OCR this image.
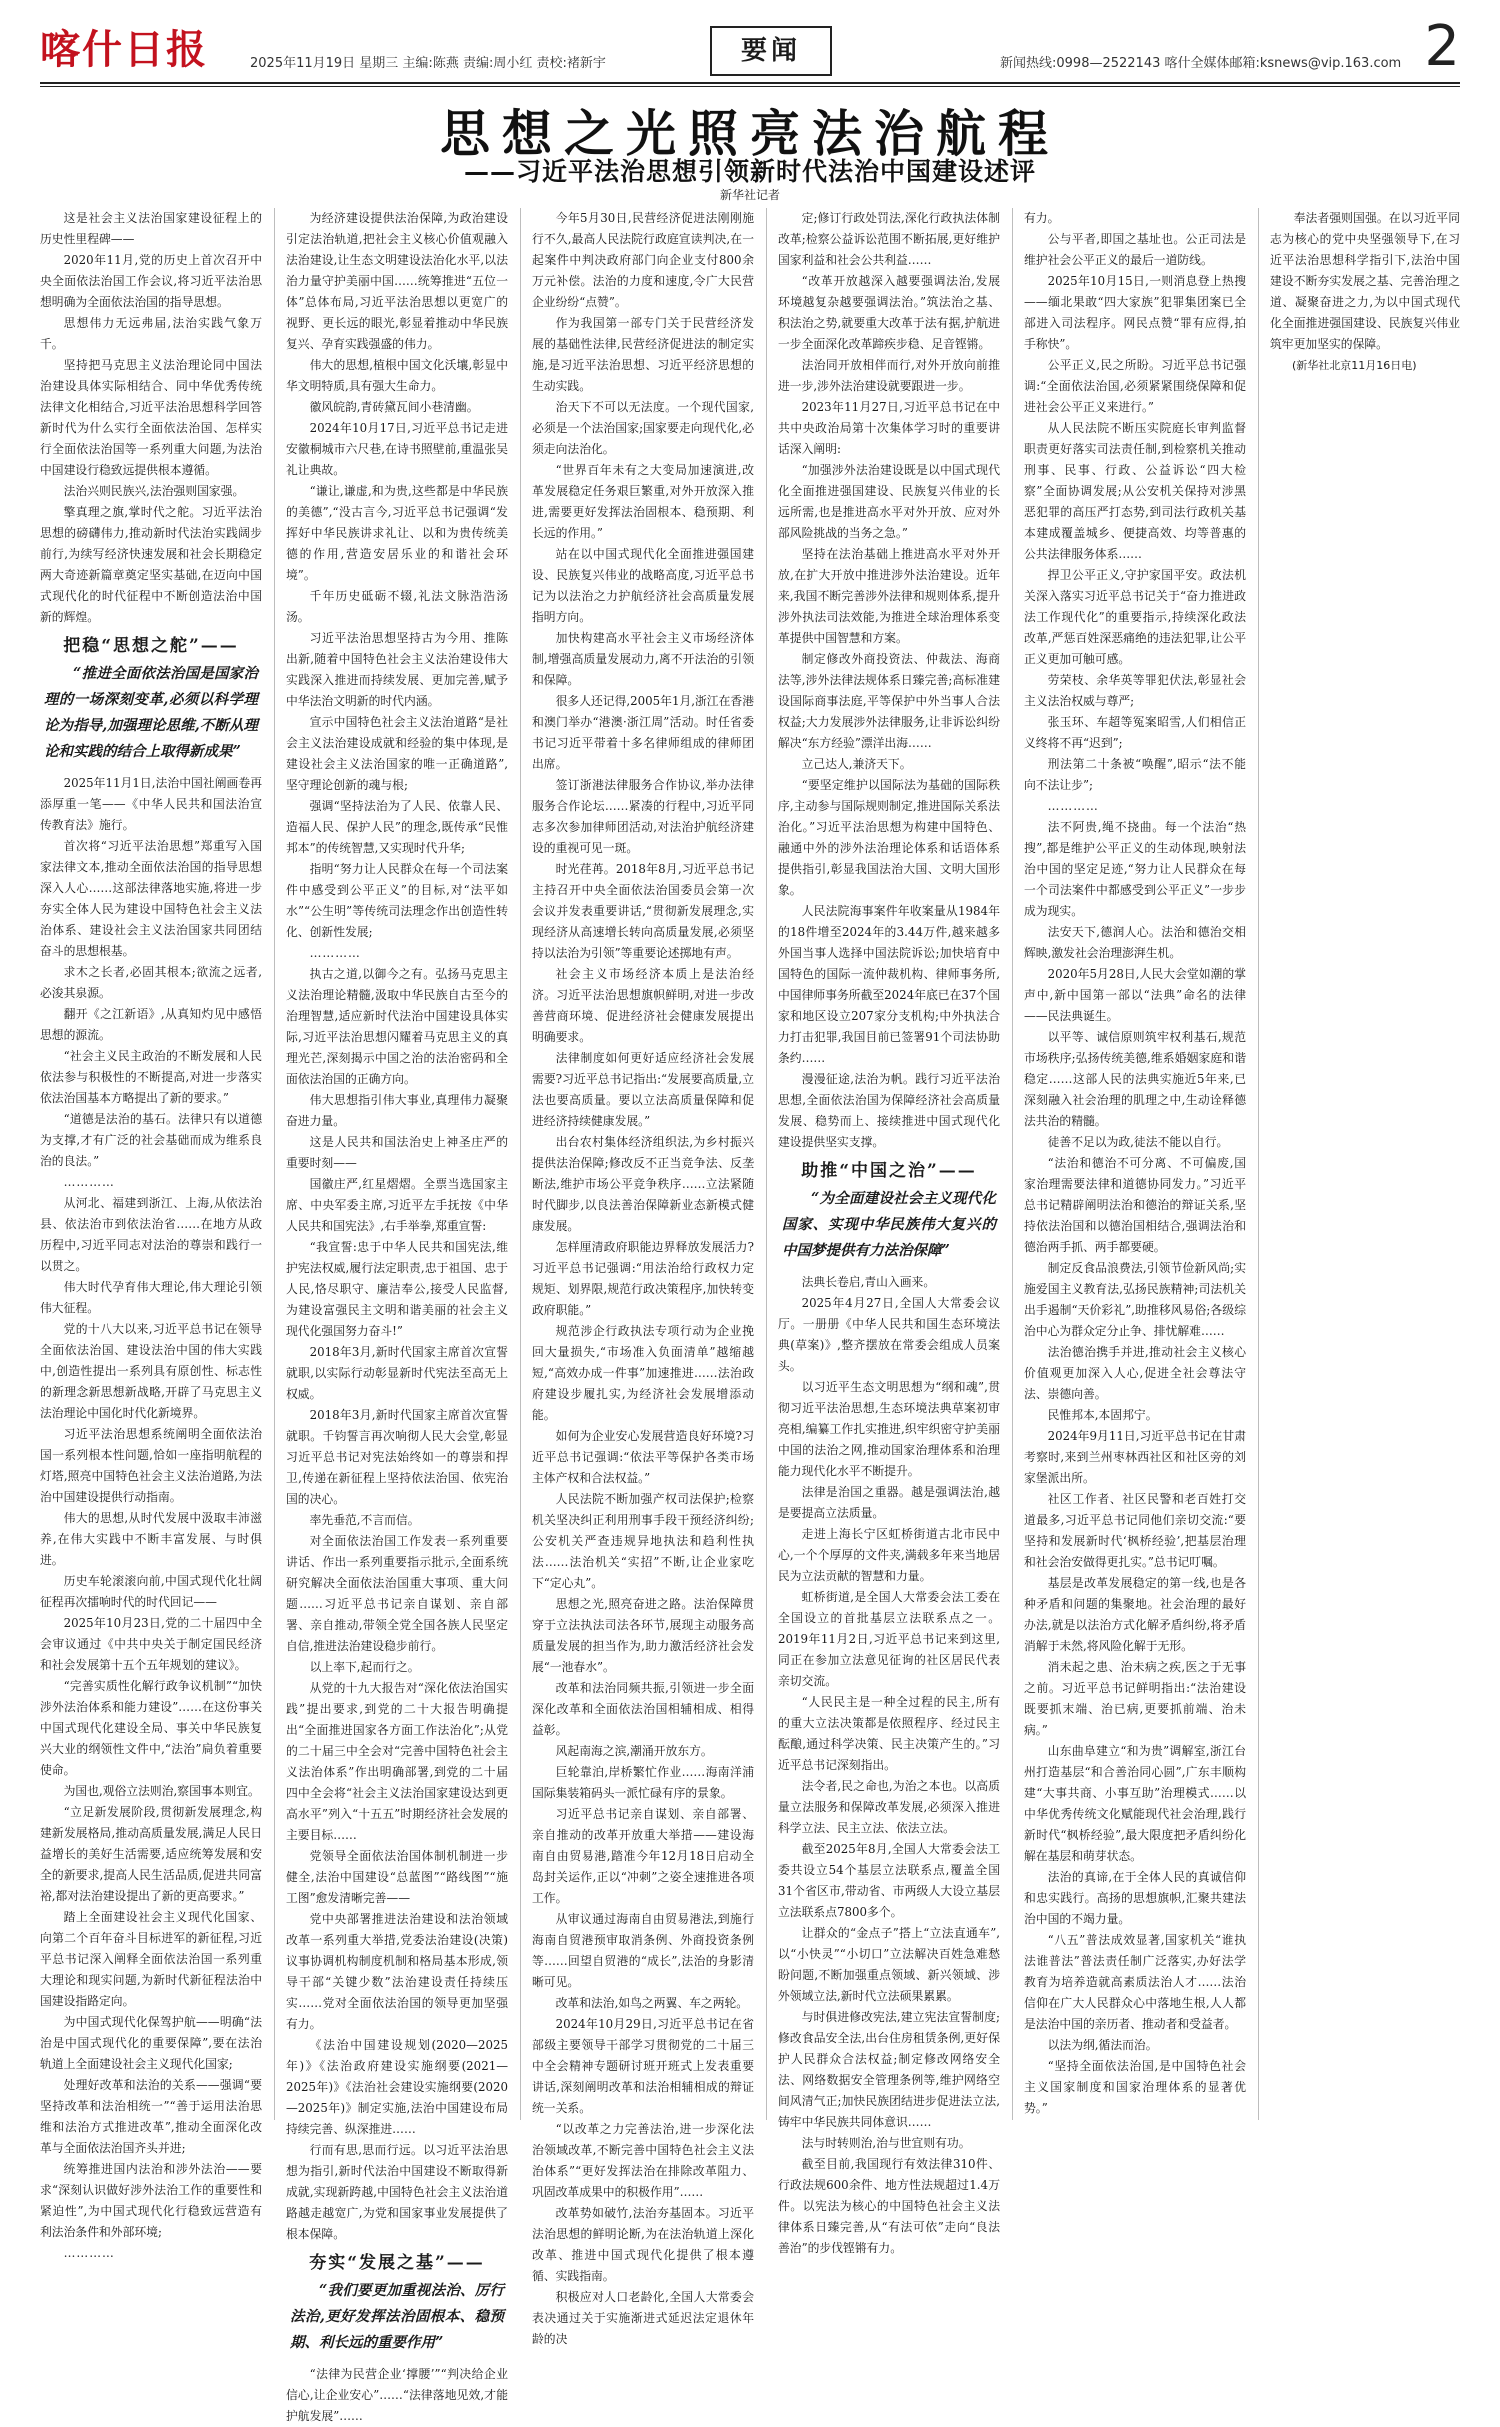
喀什日报	2025年11月19日 星期三 主编:陈燕 责编:周小红 责校:褚新宇	要闻	新闻热线:0998—2522143 喀什全媒体邮箱:ksnews@vip.163.com 2
思想之光照亮法治航程
——习近平法治思想引领新时代法治中国建设述评
新华社记者

这是社会主义法治国家建设征程上的历史性里程碑——

2020年11月,党的历史上首次召开中央全面依法治国工作会议,将习近平法治思想明确为全面依法治国的指导思想。

思想伟力无远弗届,法治实践气象万千。

坚持把马克思主义法治理论同中国法治建设具体实际相结合、同中华优秀传统法律文化相结合,习近平法治思想科学回答新时代为什么实行全面依法治国、怎样实行全面依法治国等一系列重大问题,为法治中国建设行稳致远提供根本遵循。

法治兴则民族兴,法治强则国家强。

擎真理之旗,掌时代之舵。习近平法治思想的磅礴伟力,推动新时代法治实践阔步前行,为续写经济快速发展和社会长期稳定两大奇迹新篇章奠定坚实基础,在迈向中国式现代化的时代征程中不断创造法治中国新的辉煌。

把稳“思想之舵”——
“推进全面依法治国是国家治理的一场深刻变革,必须以科学理论为指导,加强理论思维,不断从理论和实践的结合上取得新成果”

2025年11月1日,法治中国社阐画卷再添厚重一笔——《中华人民共和国法治宣传教育法》施行。

首次将“习近平法治思想”郑重写入国家法律文本,推动全面依法治国的指导思想深入人心……这部法律落地实施,将进一步夯实全体人民为建设中国特色社会主义法治体系、建设社会主义法治国家共同团结奋斗的思想根基。

求木之长者,必固其根本;欲流之远者,必浚其泉源。

翻开《之江新语》,从真知灼见中感悟思想的源流。

“社会主义民主政治的不断发展和人民依法参与积极性的不断提高,对进一步落实依法治国基本方略提出了新的要求。”

“道德是法治的基石。法律只有以道德为支撑,才有广泛的社会基础而成为维系良治的良法。”

…………

从河北、福建到浙江、上海,从依法治县、依法治市到依法治省……在地方从政历程中,习近平同志对法治的尊崇和践行一以贯之。

伟大时代孕育伟大理论,伟大理论引领伟大征程。

党的十八大以来,习近平总书记在领导全面依法治国、建设法治中国的伟大实践中,创造性提出一系列具有原创性、标志性的新理念新思想新战略,开辟了马克思主义法治理论中国化时代化新境界。

习近平法治思想系统阐明全面依法治国一系列根本性问题,恰如一座指明航程的灯塔,照亮中国特色社会主义法治道路,为法治中国建设提供行动指南。

伟大的思想,从时代发展中汲取丰沛滋养,在伟大实践中不断丰富发展、与时俱进。

历史车轮滚滚向前,中国式现代化壮阔征程再次擂响时代的时代回记——

2025年10月23日,党的二十届四中全会审议通过《中共中央关于制定国民经济和社会发展第十五个五年规划的建议》。

“完善实质性化解行政争议机制”“加快涉外法治体系和能力建设”……在这份事关中国式现代化建设全局、事关中华民族复兴大业的纲领性文件中,“法治”扃负着重要使命。

为国也,观俗立法则治,察国事本则宜。

“立足新发展阶段,贯彻新发展理念,构建新发展格局,推动高质量发展,满足人民日益增长的美好生活需要,适应统筹发展和安全的新要求,提高人民生活品质,促进共同富裕,都对法治建设提出了新的更高要求。”

踏上全面建设社会主义现代化国家、向第二个百年奋斗目标进军的新征程,习近平总书记深入阐释全面依法治国一系列重大理论和现实问题,为新时代新征程法治中国建设指路定向。

为中国式现代化保驾护航——明确“法治是中国式现代化的重要保障”,要在法治轨道上全面建设社会主义现代化国家;

处理好改革和法治的关系——强调“要坚持改革和法治相统一”“善于运用法治思维和法治方式推进改革”,推动全面深化改革与全面依法治国齐头并进;

统筹推进国内法治和涉外法治——要求“深刻认识做好涉外法治工作的重要性和紧迫性”,为中国式现代化行稳致远营造有利法治条件和外部环境;

…………

为经济建设提供法治保障,为政治建设引定法治轨道,把社会主义核心价值观融入法治建设,让生态文明建设法治化水平,以法治力量守护美丽中国……统筹推进“五位一体”总体布局,习近平法治思想以更宽广的视野、更长远的眼光,彰显着推动中华民族复兴、孕育实践强盛的伟力。

伟大的思想,植根中国文化沃壤,彰显中华文明特质,具有强大生命力。

徽风皖韵,青砖黛瓦间小巷清幽。

2024年10月17日,习近平总书记走进安徽桐城市六尺巷,在诗书照壁前,重温张吴礼让典故。

“谦让,谦虚,和为贵,这些都是中华民族的美德”,“没古言今,习近平总书记强调“发挥好中华民族讲求礼让、以和为贵传统美德的作用,营造安居乐业的和谐社会环境”。

千年历史砥砺不辍,礼法文脉浩浩汤汤。

习近平法治思想坚持古为今用、推陈出新,随着中国特色社会主义法治建设伟大实践深入推进而持续发展、更加完善,赋予中华法治文明新的时代内涵。

宣示中国特色社会主义法治道路“是社会主义法治建设成就和经验的集中体现,是建设社会主义法治国家的唯一正确道路”,坚守理论创新的魂与根;

强调“坚持法治为了人民、依靠人民、造福人民、保护人民”的理念,既传承“民惟邦本”的传统智慧,又实现时代升华;

指明“努力让人民群众在每一个司法案件中感受到公平正义”的目标,对“法平如水”“公生明”等传统司法理念作出创造性转化、创新性发展;

…………

执古之道,以御今之有。弘扬马克思主义法治理论精髓,汲取中华民族自古至今的治理智慧,适应新时代法治中国建设具体实际,习近平法治思想闪耀着马克思主义的真理光芒,深刻揭示中国之治的法治密码和全面依法治国的正确方向。

伟大思想指引伟大事业,真理伟力凝聚奋进力量。

这是人民共和国法治史上神圣庄严的重要时刻——

国徽庄严,红星熠熠。全票当选国家主席、中央军委主席,习近平左手抚按《中华人民共和国宪法》,右手举拳,郑重宣誓:

“我宣誓:忠于中华人民共和国宪法,维护宪法权威,履行法定职责,忠于祖国、忠于人民,恪尽职守、廉洁奉公,接受人民监督,为建设富强民主文明和谐美丽的社会主义现代化强国努力奋斗!”

2018年3月,新时代国家主席首次宣誓就职,以实际行动彰显新时代宪法至高无上权威。

2018年3月,新时代国家主席首次宣誓就职。千钧誓言再次响彻人民大会堂,彰显习近平总书记对宪法始终如一的尊崇和捍卫,传递在新征程上坚持依法治国、依宪治国的决心。

率先垂范,不言而信。

对全面依法治国工作发表一系列重要讲话、作出一系列重要指示批示,全面系统研究解决全面依法治国重大事项、重大问题……习近平总书记亲自谋划、亲自部署、亲自推动,带领全党全国各族人民坚定自信,推进法治建设稳步前行。

以上率下,起而行之。

从党的十九大报告对“深化依法治国实践”提出要求,到党的二十大报告明确提出“全面推进国家各方面工作法治化”;从党的二十届三中全会对“完善中国特色社会主义法治体系”作出明确部署,到党的二十届四中全会将“社会主义法治国家建设达到更高水平”列入“十五五”时期经济社会发展的主要目标……

党领导全面依法治国体制机制进一步健全,法治中国建设“总蓝图”“路线图”“施工图”愈发清晰完善——

党中央部署推进法治建设和法治领域改革一系列重大举措,党委法治建设(决策)议事协调机构制度机制和格局基本形成,领导干部“关键少数”法治建设责任持续压实……党对全面依法治国的领导更加坚强有力。

《法治中国建设规划(2020—2025年)》《法治政府建设实施纲要(2021—2025年)》《法治社会建设实施纲要(2020—2025年)》制定实施,法治中国建设布局持续完善、纵深推进……

行而有思,思而行远。以习近平法治思想为指引,新时代法治中国建设不断取得新成就,实现新跨越,中国特色社会主义法治道路越走越宽广,为党和国家事业发展提供了根本保障。

夯实“发展之基”——
“我们要更加重视法治、厉行法治,更好发挥法治固根本、稳预期、利长远的重要作用”

“法律为民营企业‘撑腰’”“判决给企业信心,让企业安心”……“法律落地见效,才能护航发展”……

今年5月30日,民营经济促进法刚刚施行不久,最高人民法院行政庭宣读判决,在一起案件中判决政府部门向企业支付800余万元补偿。法治的力度和速度,令广大民营企业纷纷“点赞”。

作为我国第一部专门关于民营经济发展的基础性法律,民营经济促进法的制定实施,是习近平法治思想、习近平经济思想的生动实践。

治天下不可以无法度。一个现代国家,必须是一个法治国家;国家要走向现代化,必须走向法治化。

“世界百年未有之大变局加速演进,改革发展稳定任务艰巨繁重,对外开放深入推进,需要更好发挥法治固根本、稳预期、利长远的作用。”

站在以中国式现代化全面推进强国建设、民族复兴伟业的战略高度,习近平总书记为以法治之力护航经济社会高质量发展指明方向。

加快构建高水平社会主义市场经济体制,增强高质量发展动力,离不开法治的引领和保障。

很多人还记得,2005年1月,浙江在香港和澳门举办“港澳·浙江周”活动。时任省委书记习近平带着十多名律师组成的律师团出席。

签订浙港法律服务合作协议,举办法律服务合作论坛……紧凑的行程中,习近平同志多次参加律师团活动,对法治护航经济建设的重视可见一斑。

时光荏苒。2018年8月,习近平总书记主持召开中央全面依法治国委员会第一次会议并发表重要讲话,“贯彻新发展理念,实现经济从高速增长转向高质量发展,必须坚持以法治为引领”等重要论述掷地有声。

社会主义市场经济本质上是法治经济。习近平法治思想旗帜鲜明,对进一步改善营商环境、促进经济社会健康发展提出明确要求。

法律制度如何更好适应经济社会发展需要?习近平总书记指出:“发展要高质量,立法也要高质量。要以立法高质量保障和促进经济持续健康发展。”

出台农村集体经济组织法,为乡村振兴提供法治保障;修改反不正当竞争法、反垄断法,维护市场公平竞争秩序……立法紧随时代脚步,以良法善治保障新业态新模式健康发展。

怎样厘清政府职能边界释放发展活力?习近平总书记强调:“用法治给行政权力定规矩、划界限,规范行政决策程序,加快转变政府职能。”

规范涉企行政执法专项行动为企业挽回大量损失,“市场准入负面清单”越缩越短,“高效办成一件事”加速推进……法治政府建设步履扎实,为经济社会发展增添动能。

如何为企业安心发展营造良好环境?习近平总书记强调:“依法平等保护各类市场主体产权和合法权益。”

人民法院不断加强产权司法保护;检察机关坚决纠正利用刑事手段干预经济纠纷;公安机关严查违规异地执法和趋利性执法……法治机关“实招”不断,让企业家吃下“定心丸”。

思想之光,照亮奋进之路。法治保障贯穿于立法执法司法各环节,展现主动服务高质量发展的担当作为,助力激活经济社会发展“一池春水”。

改革和法治同频共振,引领进一步全面深化改革和全面依法治国相辅相成、相得益彰。

风起南海之滨,潮涌开放东方。

巨轮靠泊,岸桥繁忙作业……海南洋浦国际集装箱码头一派忙碌有序的景象。

习近平总书记亲自谋划、亲自部署、亲自推动的改革开放重大举措——建设海南自由贸易港,踏准今年12月18日启动全岛封关运作,正以“冲刺”之姿全速推进各项工作。

从审议通过海南自由贸易港法,到施行海南自贸港预审取消条例、外商投资条例等……回望自贸港的“成长”,法治的身影清晰可见。

改革和法治,如鸟之两翼、车之两轮。

2024年10月29日,习近平总书记在省部级主要领导干部学习贯彻党的二十届三中全会精神专题研讨班开班式上发表重要讲话,深刻阐明改革和法治相辅相成的辩证统一关系。

“以改革之力完善法治,进一步深化法治领域改革,不断完善中国特色社会主义法治体系”“更好发挥法治在排除改革阻力、巩固改革成果中的积极作用”……

改革势如破竹,法治夯基固本。习近平法治思想的鲜明论断,为在法治轨道上深化改革、推进中国式现代化提供了根本遵循、实践指南。

积极应对人口老龄化,全国人大常委会表决通过关于实施渐进式延迟法定退休年龄的决

定;修订行政处罚法,深化行政执法体制改革;检察公益诉讼范围不断拓展,更好维护国家利益和社会公共利益……

“改革开放越深入越要强调法治,发展环境越复杂越要强调法治。”筑法治之基、积法治之势,就要重大改革于法有据,护航进一步全面深化改革蹄疾步稳、足音铿锵。

法治同开放相伴而行,对外开放向前推进一步,涉外法治建设就要跟进一步。

2023年11月27日,习近平总书记在中共中央政治局第十次集体学习时的重要讲话深入阐明:

“加强涉外法治建设既是以中国式现代化全面推进强国建设、民族复兴伟业的长远所需,也是推进高水平对外开放、应对外部风险挑战的当务之急。”

坚持在法治基础上推进高水平对外开放,在扩大开放中推进涉外法治建设。近年来,我国不断完善涉外法律和规则体系,提升涉外执法司法效能,为推进全球治理体系变革提供中国智慧和方案。

制定修改外商投资法、仲裁法、海商法等,涉外法律法规体系日臻完善;高标准建设国际商事法庭,平等保护中外当事人合法权益;大力发展涉外法律服务,让非诉讼纠纷解决“东方经验”漂洋出海……

立己达人,兼济天下。

“要坚定维护以国际法为基础的国际秩序,主动参与国际规则制定,推进国际关系法治化。”习近平法治思想为构建中国特色、融通中外的涉外法治理论体系和话语体系提供指引,彰显我国法治大国、文明大国形象。

人民法院海事案件年收案量从1984年的18件增至2024年的3.44万件,越来越多外国当事人选择中国法院诉讼;加快培育中国特色的国际一流仲裁机构、律师事务所,中国律师事务所截至2024年底已在37个国家和地区设立207家分支机构;中外执法合力打击犯罪,我国目前已签署91个司法协助条约……

漫漫征途,法治为帆。践行习近平法治思想,全面依法治国为保障经济社会高质量发展、稳势而上、接续推进中国式现代化建设提供坚实支撑。

助推“中国之治”——
“为全面建设社会主义现代化国家、实现中华民族伟大复兴的中国梦提供有力法治保障”

法典长卷启,青山入画来。

2025年4月27日,全国人大常委会议厅。一册册《中华人民共和国生态环境法典(草案)》,整齐摆放在常委会组成人员案头。

以习近平生态文明思想为“纲和魂”,贯彻习近平法治思想,生态环境法典草案初审亮相,编纂工作扎实推进,织牢织密守护美丽中国的法治之网,推动国家治理体系和治理能力现代化水平不断提升。

法律是治国之重器。越是强调法治,越是要提高立法质量。

走进上海长宁区虹桥街道古北市民中心,一个个厚厚的文件夹,满载多年来当地居民为立法贡献的智慧和力量。

虹桥街道,是全国人大常委会法工委在全国设立的首批基层立法联系点之一。2019年11月2日,习近平总书记来到这里,同正在参加立法意见征询的社区居民代表亲切交流。

“人民民主是一种全过程的民主,所有的重大立法决策都是依照程序、经过民主酝酿,通过科学决策、民主决策产生的。”习近平总书记深刻指出。

法令者,民之命也,为治之本也。以高质量立法服务和保障改革发展,必须深入推进科学立法、民主立法、依法立法。

截至2025年8月,全国人大常委会法工委共设立54个基层立法联系点,覆盖全国31个省区市,带动省、市两级人大设立基层立法联系点7800多个。

让群众的“金点子”搭上“立法直通车”,以“小快灵”“小切口”立法解决百姓急难愁盼问题,不断加强重点领域、新兴领域、涉外领域立法,新时代立法硕果累累。

与时俱进修改宪法,建立宪法宣誓制度;修改食品安全法,出台住房租赁条例,更好保护人民群众合法权益;制定修改网络安全法、网络数据安全管理条例等,维护网络空间风清气正;加快民族团结进步促进法立法,铸牢中华民族共同体意识……

法与时转则治,治与世宜则有功。

截至目前,我国现行有效法律310件、行政法规600余件、地方性法规超过1.4万件。以宪法为核心的中国特色社会主义法律体系日臻完善,从“有法可依”走向“良法善治”的步伐铿锵有力。

有力。

公与平者,即国之基址也。公正司法是维护社会公平正义的最后一道防线。

2025年10月15日,一则消息登上热搜——缅北果敢“四大家族”犯罪集团案已全部进入司法程序。网民点赞“罪有应得,拍手称快”。

公平正义,民之所盼。习近平总书记强调:“全面依法治国,必须紧紧围绕保障和促进社会公平正义来进行。”

从人民法院不断压实院庭长审判监督职责更好落实司法责任制,到检察机关推动刑事、民事、行政、公益诉讼“四大检察”全面协调发展;从公安机关保持对涉黑恶犯罪的高压严打态势,到司法行政机关基本建成覆盖城乡、便捷高效、均等普惠的公共法律服务体系……

捍卫公平正义,守护家国平安。政法机关深入落实习近平总书记关于“奋力推进政法工作现代化”的重要指示,持续深化政法改革,严惩百姓深恶痛绝的违法犯罪,让公平正义更加可触可感。

劳荣枝、余华英等罪犯伏法,彰显社会主义法治权威与尊严;

张玉环、车超等冤案昭雪,人们相信正义终将不再“迟到”;

刑法第二十条被“唤醒”,昭示“法不能向不法让步”;

…………

法不阿贵,绳不挠曲。每一个法治“热搜”,都是维护公平正义的生动体现,映射法治中国的坚定足迹,“努力让人民群众在每一个司法案件中都感受到公平正义”一步步成为现实。

法安天下,德润人心。法治和德治交相辉映,激发社会治理澎湃生机。

2020年5月28日,人民大会堂如潮的掌声中,新中国第一部以“法典”命名的法律——民法典诞生。

以平等、诚信原则筑牢权利基石,规范市场秩序;弘扬传统美德,维系婚姻家庭和谐稳定……这部人民的法典实施近5年来,已深刻融入社会治理的肌理之中,生动诠释德法共治的精髓。

徒善不足以为政,徒法不能以自行。

“法治和德治不可分离、不可偏废,国家治理需要法律和道德协同发力。”习近平总书记精辟阐明法治和德治的辩证关系,坚持依法治国和以德治国相结合,强调法治和德治两手抓、两手都要硬。

制定反食品浪费法,引领节俭新风尚;实施爱国主义教育法,弘扬民族精神;司法机关出手遏制“天价彩礼”,助推移风易俗;各级综治中心为群众定分止争、排忧解难……

法治德治携手并进,推动社会主义核心价值观更加深入人心,促进全社会尊法守法、崇德向善。

民惟邦本,本固邦宁。

2024年9月11日,习近平总书记在甘肃考察时,来到兰州枣林西社区和社区旁的刘家堡派出所。

社区工作者、社区民警和老百姓打交道最多,习近平总书记同他们亲切交流:“要坚持和发展新时代‘枫桥经验’,把基层治理和社会治安做得更扎实。”总书记叮嘱。

基层是改革发展稳定的第一线,也是各种矛盾和问题的集聚地。社会治理的最好办法,就是以法治方式化解矛盾纠纷,将矛盾消解于未然,将风险化解于无形。

消未起之患、治未病之疾,医之于无事之前。习近平总书记鲜明指出:“法治建设既要抓末端、治已病,更要抓前端、治未病。”

山东曲阜建立“和为贵”调解室,浙江台州打造基层“和合善治同心圆”,广东丰顺构建“大事共商、小事互助”治理模式……以中华优秀传统文化赋能现代社会治理,践行新时代“枫桥经验”,最大限度把矛盾纠纷化解在基层和萌芽状态。

法治的真谛,在于全体人民的真诚信仰和忠实践行。高扬的思想旗帜,汇聚共建法治中国的不竭力量。

“八五”普法成效显著,国家机关“谁执法谁普法”普法责任制广泛落实,办好法学教育为培养造就高素质法治人才……法治信仰在广大人民群众心中落地生根,人人都是法治中国的亲历者、推动者和受益者。

以法为纲,循法而治。

“坚持全面依法治国,是中国特色社会主义国家制度和国家治理体系的显著优势。”

奉法者强则国强。在以习近平同志为核心的党中央坚强领导下,在习近平法治思想科学指引下,法治中国建设不断夯实发展之基、完善治理之道、凝聚奋进之力,为以中国式现代化全面推进强国建设、民族复兴伟业筑牢更加坚实的保障。

(新华社北京11月16日电)
